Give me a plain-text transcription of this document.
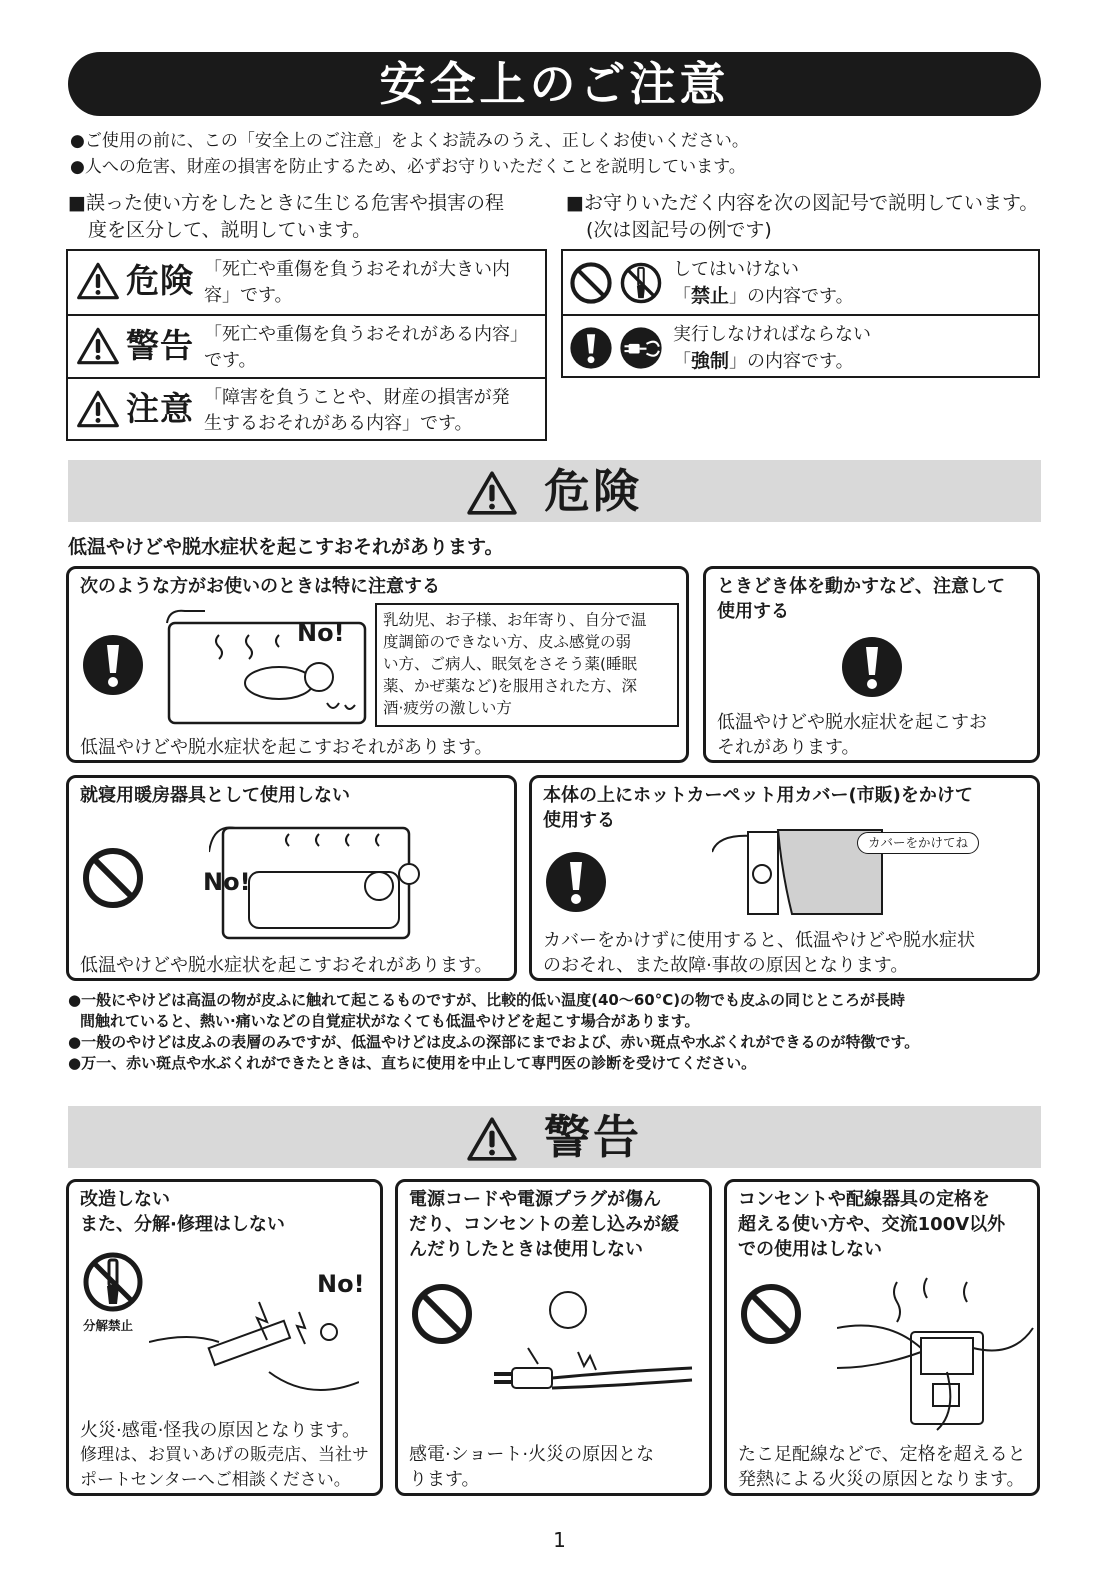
安全上のご注意
●ご使用の前に、この「安全上のご注意」をよくお読みのうえ、正しくお使いください。
●人への危害、財産の損害を防止するため、必ずお守りいただくことを説明しています。
■誤った使い方をしたときに生じる危害や損害の程
度を区分して、説明しています。
■お守りいただく内容を次の図記号で説明しています。
(次は図記号の例です)
危険 「死亡や重傷を負うおそれが大きい内
容」です。
警告 「死亡や重傷を負うおそれがある内容」
です。
注意 「障害を負うことや、財産の損害が発
生するおそれがある内容」です。
してはいけない
「禁止」の内容です。
実行しなければならない
「強制」の内容です。
危険
低温やけどや脱水症状を起こすおそれがあります。
次のような方がお使いのときは特に注意する
No! 乳幼児、お子様、お年寄り、自分で温
度調節のできない方、皮ふ感覚の弱
い方、ご病人、眠気をさそう薬(睡眠
薬、かぜ薬など)を服用された方、深
酒·疲労の激しい方
低温やけどや脱水症状を起こすおそれがあります。
ときどき体を動かすなど、注意して
使用する
低温やけどや脱水症状を起こすお
それがあります。
就寝用暖房器具として使用しない
No!
低温やけどや脱水症状を起こすおそれがあります。
本体の上にホットカーペット用カバー(市販)をかけて
使用する
カバーをかけてね
カバーをかけずに使用すると、低温やけどや脱水症状
のおそれ、また故障·事故の原因となります。

●一般にやけどは高温の物が皮ふに触れて起こるものですが、比較的低い温度(40〜60°C)の物でも皮ふの同じところが長時

間触れていると、熱い·痛いなどの自覚症状がなくても低温やけどを起こす場合があります。

●一般のやけどは皮ふの表層のみですが、低温やけどは皮ふの深部にまでおよび、赤い斑点や水ぶくれができるのが特徴です。

●万一、赤い斑点や水ぶくれができたときは、直ちに使用を中止して専門医の診断を受けてください。

警告
改造しない
また、分解·修理はしない
分解禁止
No!
火災·感電·怪我の原因となります。
修理は、お買いあげの販売店、当社サ
ポートセンターへご相談ください。
電源コードや電源プラグが傷ん
だり、コンセントの差し込みが緩
んだりしたときは使用しない
感電·ショート·火災の原因とな
ります。
コンセントや配線器具の定格を
超える使い方や、交流100V以外
での使用はしない
たこ足配線などで、定格を超えると
発熱による火災の原因となります。
1
